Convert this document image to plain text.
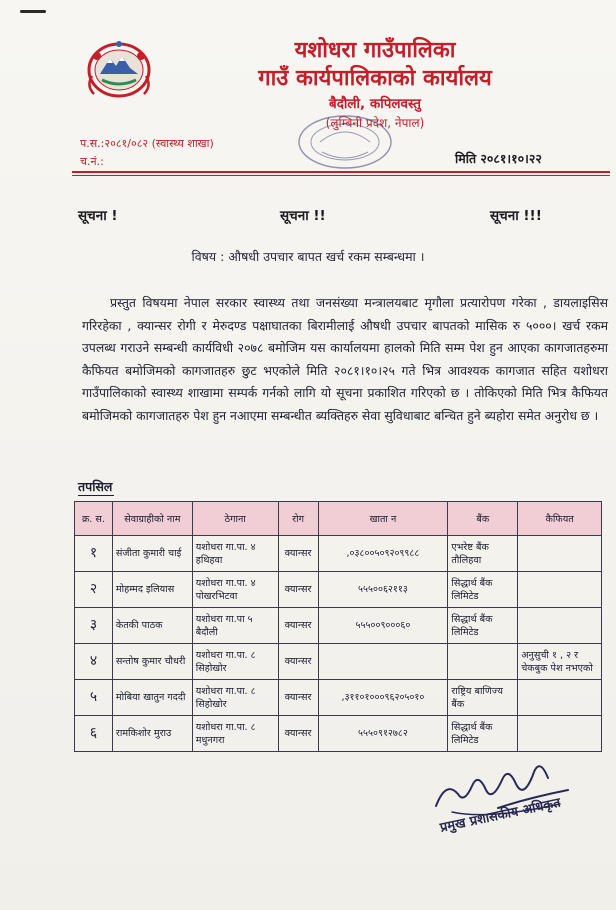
यशोधरा गाउँपालिका
गाउँ कार्यपालिकाको कार्यालय
बैदौली, कपिलवस्तु
(लुम्बिनी प्रदेश, नेपाल)
प.स.:२०८१/०८२ (स्वास्थ्य शाखा)
च.नं.:	मिति २०८१।१०।२२
सूचना !	सूचना !!	सूचना !!!
विषय : औषधी उपचार बापत खर्च रकम सम्बन्धमा ।
प्रस्तुत विषयमा नेपाल सरकार स्वास्थ्य तथा जनसंख्या मन्त्रालयबाट मृगौला प्रत्यारोपण गरेका , डायलाइसिस गरिरहेका , क्यान्सर रोगी र मेरुदण्ड पक्षाघातका बिरामीलाई औषधी उपचार बापतको मासिक रु ५०००। खर्च रकम उपलब्ध गराउने सम्बन्धी कार्यविधी २०७८ बमोजिम यस कार्यालयमा हालको मिति सम्म पेश हुन आएका कागजातहरुमा कैफियत बमोजिमको कागजातहरु छुट भएकोले मिति २०८१।१०।२५ गते भित्र आवश्यक कागजात सहित यशोधरा गाउँपालिकाको स्वास्थ्य शाखामा सम्पर्क गर्नको लागि यो सूचना प्रकाशित गरिएको छ । तोकिएको मिति भित्र कैफियत बमोजिमको कागजातहरु पेश हुन नआएमा सम्बन्धीत ब्यक्तिहरु सेवा सुविधाबाट बन्चित हुने ब्यहोरा समेत अनुरोध छ ।
तपसिल
क्र. स.	सेवाग्राहीको नाम	ठेगाना	रोग	खाता न	बैंक	कैफियत
१	संजीता कुमारी चाई	यशोधरा गा.पा. ४ हथिहवा	क्यान्सर	,०३८००५०९२०९९८८	एभरेष्ट बैंक तौलिहवा	
२	मोहम्मद इलियास	यशोधरा गा.पा. ४ पोखरभिटवा	क्यान्सर	५५५००६२११३	सिद्धार्थ बैंक लिमिटेड	
३	केतकी पाठक	यशोधरा गा.पा ५ बैदौली	क्यान्सर	५५५००९०००६०	सिद्धार्थ बैंक लिमिटेड	
४	सन्तोष कुमार चौधरी	यशोधरा गा.पा. ८ सिहोखोर	क्यान्सर			अनुसुची १ , २ र चेकबुक पेश नभएको
५	मोबिया खातुन गददी	यशोधरा गा.पा. ८ सिहोखोर	क्यान्सर	,३११०१०००९६२०५०१०	राष्ट्रिय बाणिज्य बैंक	
६	रामकिशोर मुराउ	यशोधरा गा.पा. ८ मधुनगरा	क्यान्सर	५५५०९१२७८२	सिद्धार्थ बैंक लिमिटेड	
प्रमुख प्रशासकीय अधिकृत
